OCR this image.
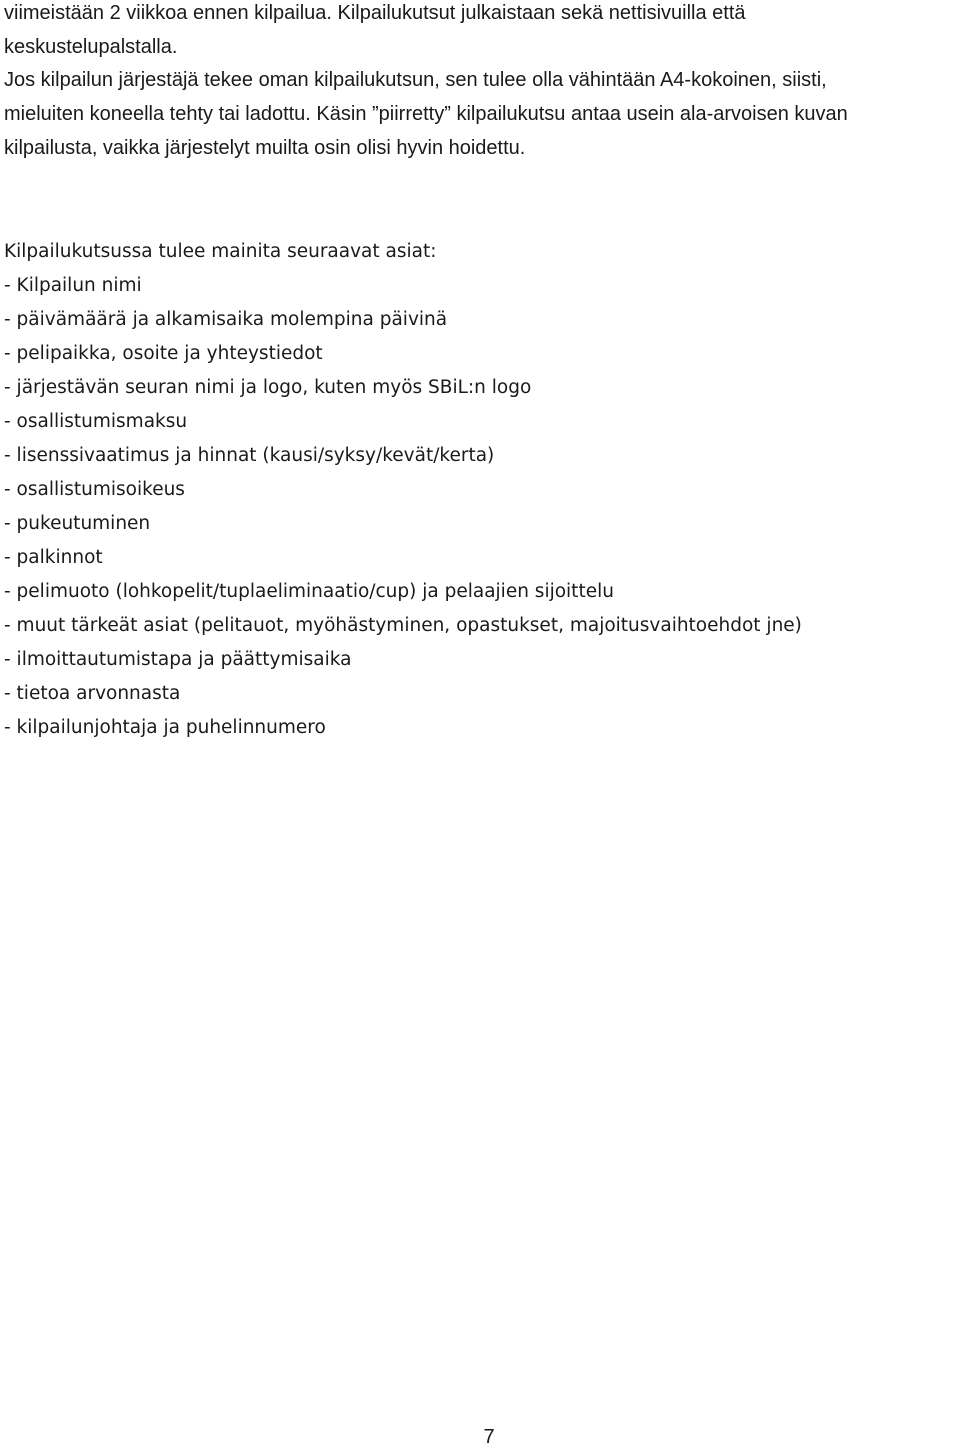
viimeistään 2 viikkoa ennen kilpailua. Kilpailukutsut julkaistaan sekä nettisivuilla että
keskustelupalstalla.

Jos kilpailun järjestäjä tekee oman kilpailukutsun, sen tulee olla vähintään A4-kokoinen, siisti,
mieluiten koneella tehty tai ladottu. Käsin ”piirretty” kilpailukutsu antaa usein ala-arvoisen kuvan
kilpailusta, vaikka järjestelyt muilta osin olisi hyvin hoidettu.

Kilpailukutsussa tulee mainita seuraavat asiat:
- Kilpailun nimi
- päivämäärä ja alkamisaika molempina päivinä
- pelipaikka, osoite ja yhteystiedot
- järjestävän seuran nimi ja logo, kuten myös SBiL:n logo
- osallistumismaksu
- lisenssivaatimus ja hinnat (kausi/syksy/kevät/kerta)
- osallistumisoikeus
- pukeutuminen
- palkinnot
- pelimuoto (lohkopelit/tuplaeliminaatio/cup) ja pelaajien sijoittelu
- muut tärkeät asiat (pelitauot, myöhästyminen, opastukset, majoitusvaihtoehdot jne)
- ilmoittautumistapa ja päättymisaika
- tietoa arvonnasta
- kilpailunjohtaja ja puhelinnumero
7
